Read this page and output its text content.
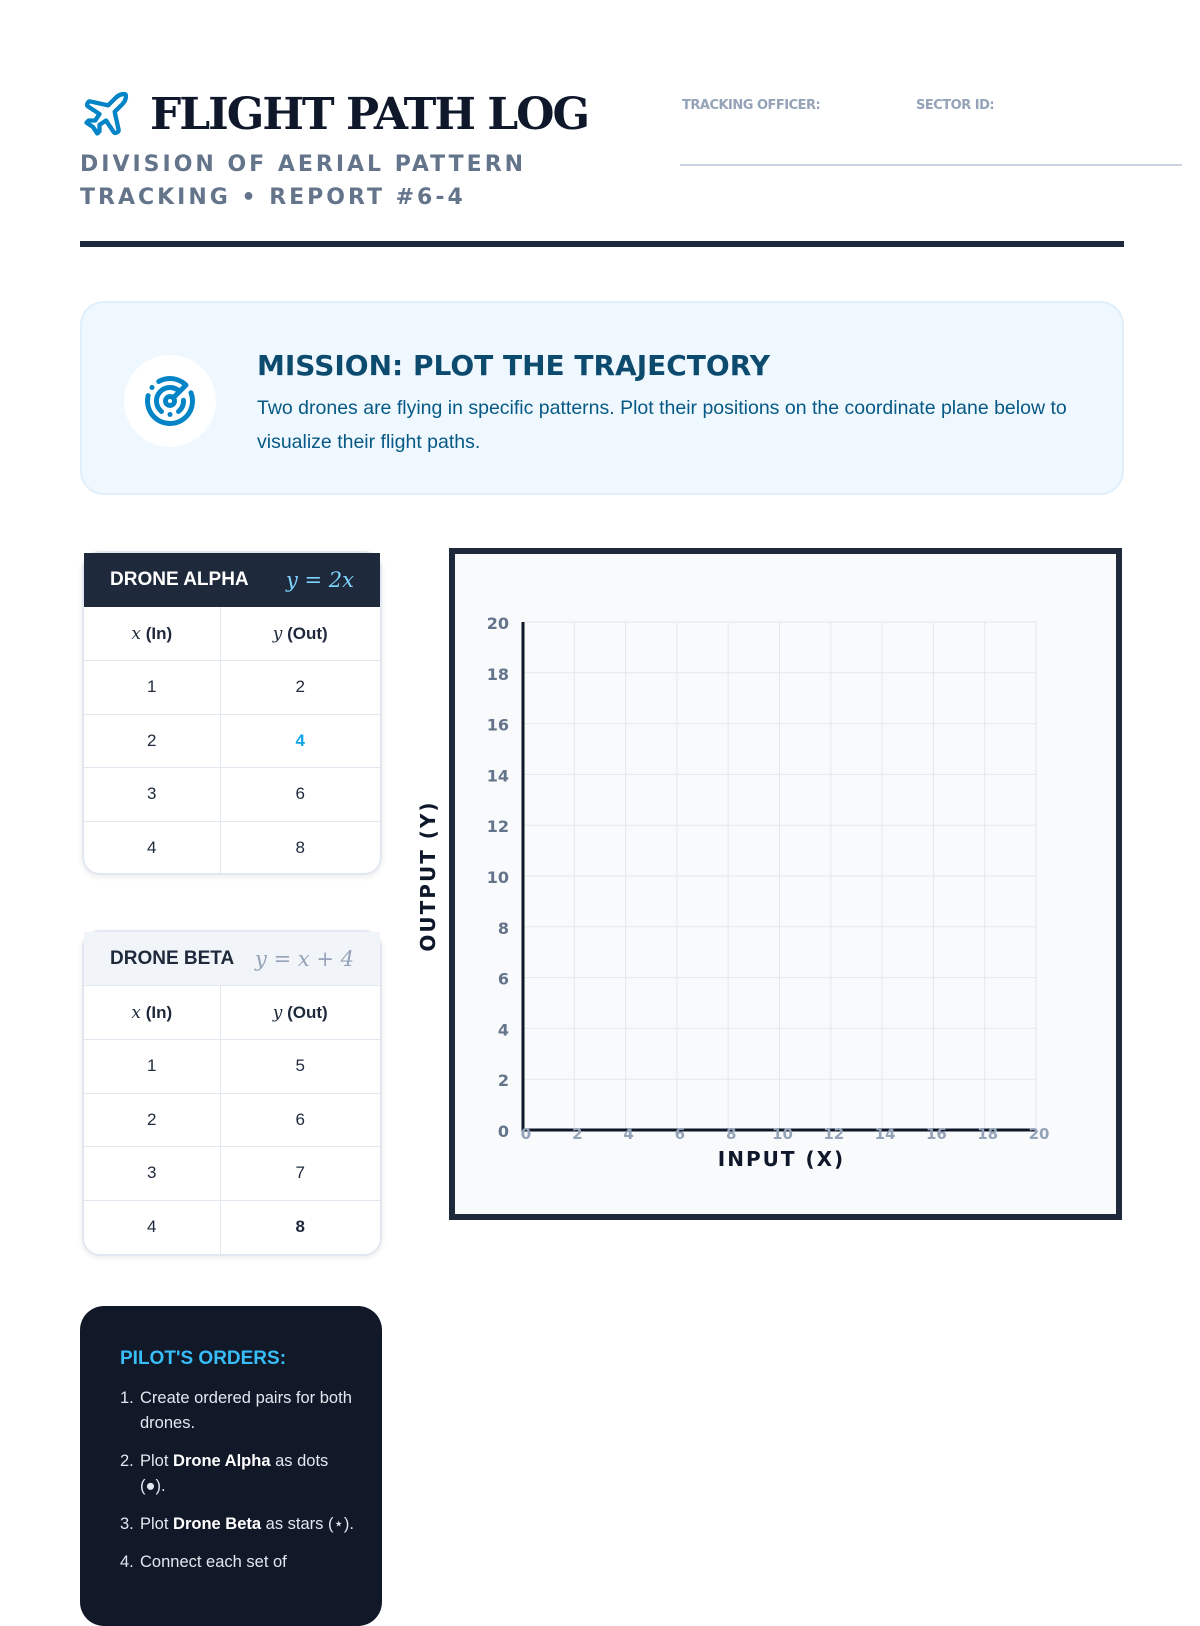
FLIGHT PATH LOG
DIVISION OF AERIAL PATTERN TRACKING • REPORT #6-4
TRACKING OFFICER:	SECTOR ID:
MISSION: PLOT THE TRAJECTORY
Two drones are flying in specific patterns. Plot their positions on the coordinate plane below to visualize their flight paths.
DRONE ALPHA y = 2x
x (In)	y (Out)
1	2
2	4
3	6
4	8
DRONE BETA y = x + 4
x (In)	y (Out)
1	5
2	6
3	7
4	8
PILOT'S ORDERS:
1. Create ordered pairs for both drones.
2. Plot Drone Alpha as dots (●).
3. Plot Drone Beta as stars (⋆).
4. Connect each set of
0
2
4
6
8
10
12
14
16
18
20
0	2	4	6	8 10 12 14 16 18 20
INPUT (X)
OUTPUT (Y)
